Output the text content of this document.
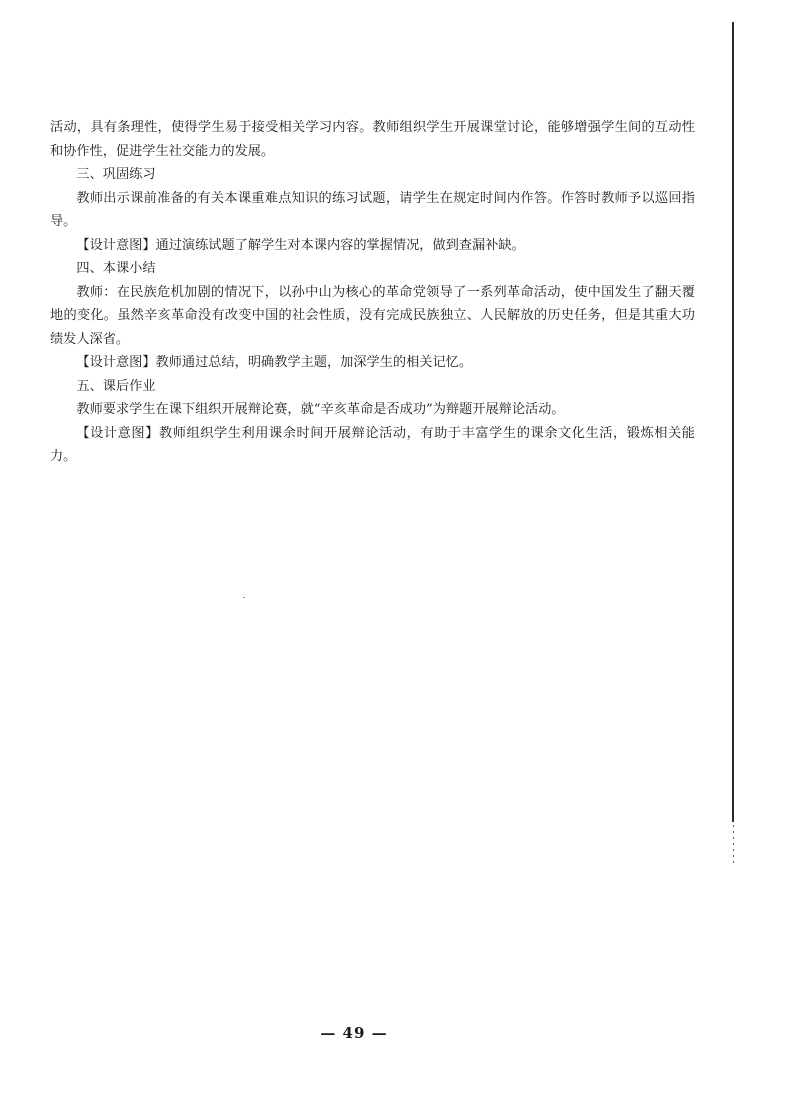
活动，具有条理性，使得学生易于接受相关学习内容。教师组织学生开展课堂讨论，能够增强学生间的互动性和协作性，促进学生社交能力的发展。

三、巩固练习

教师出示课前准备的有关本课重难点知识的练习试题，请学生在规定时间内作答。作答时教师予以巡回指导。

【设计意图】通过演练试题了解学生对本课内容的掌握情况，做到查漏补缺。

四、本课小结

教师：在民族危机加剧的情况下，以孙中山为核心的革命党领导了一系列革命活动，使中国发生了翻天覆地的变化。虽然辛亥革命没有改变中国的社会性质，没有完成民族独立、人民解放的历史任务，但是其重大功绩发人深省。

【设计意图】教师通过总结，明确教学主题，加深学生的相关记忆。

五、课后作业

教师要求学生在课下组织开展辩论赛，就“辛亥革命是否成功”为辩题开展辩论活动。

【设计意图】教师组织学生利用课余时间开展辩论活动，有助于丰富学生的课余文化生活，锻炼相关能力。

— 49 —
